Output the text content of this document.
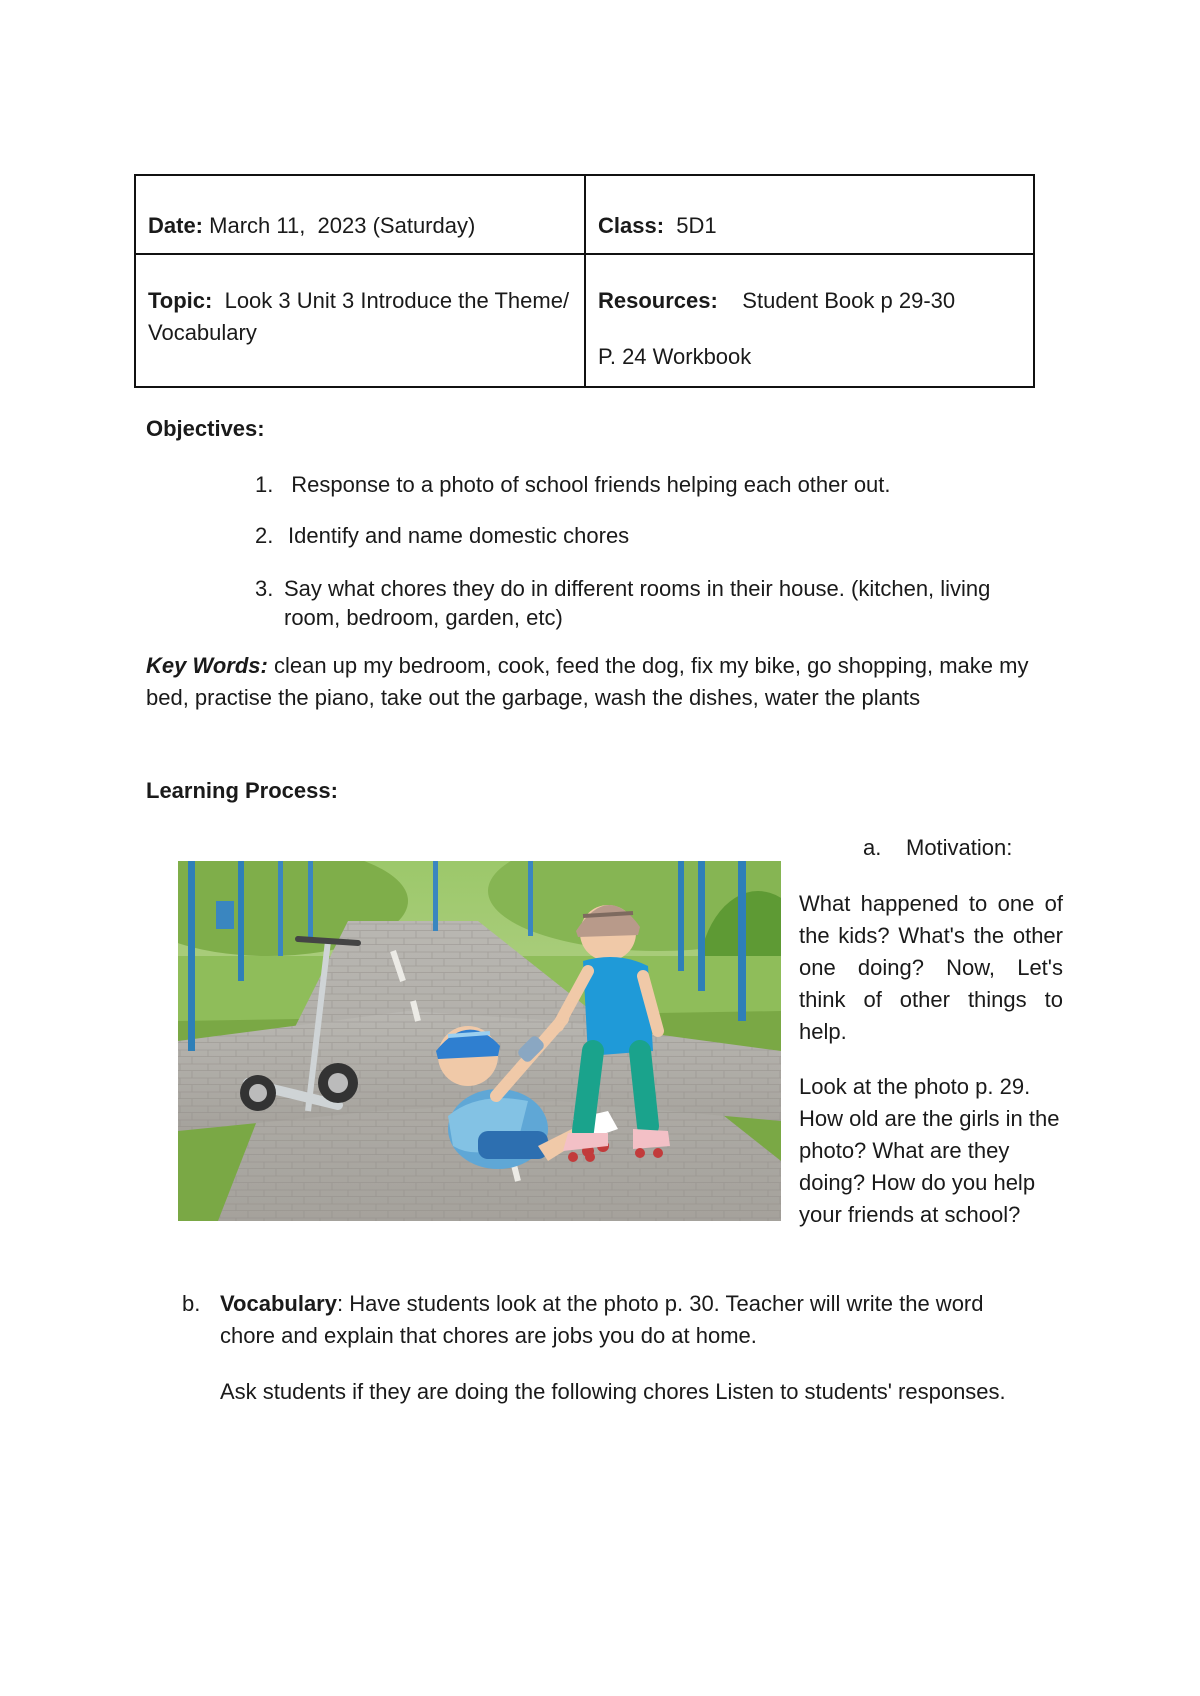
Date: March 11,  2023 (Saturday)	Class:  5D1
Topic:  Look 3 Unit 3 Introduce the Theme/ Vocabulary
Resources:    Student Book p 29-30
P. 24 Workbook
Objectives:
1.  Response to a photo of school friends helping each other out.
2. Identify and name domestic chores
3. Say what chores they do in different rooms in their house. (kitchen, living room, bedroom, garden, etc)
Key Words: clean up my bedroom, cook, feed the dog, fix my bike, go shopping, make my bed, practise the piano, take out the garbage, wash the dishes, water the plants
Learning Process:
a. Motivation:
What happened to one of the kids? What's the other one doing? Now, Let's think of other things to help.
Look at the photo p. 29. How old are the girls in the photo? What are they doing? How do you help your friends at school?
b. Vocabulary: Have students look at the photo p. 30. Teacher will write the word chore and explain that chores are jobs you do at home.

Ask students if they are doing the following chores Listen to students' responses.
